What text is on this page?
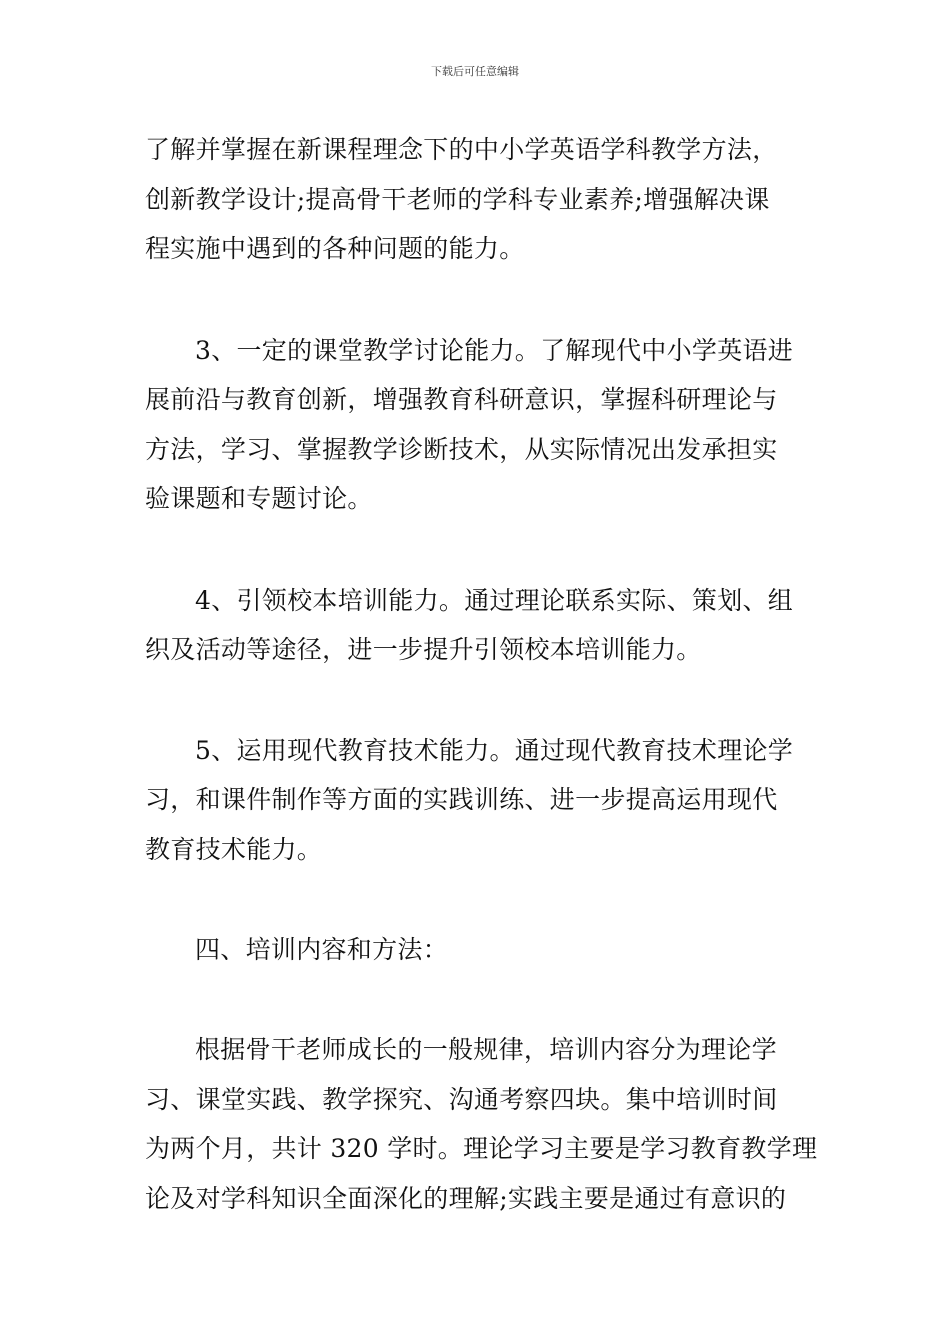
下载后可任意编辑
了解并掌握在新课程理念下的中小学英语学科教学方法，
创新教学设计;提高骨干老师的学科专业素养;增强解决课
程实施中遇到的各种问题的能力。
3、一定的课堂教学讨论能力。了解现代中小学英语进
展前沿与教育创新，增强教育科研意识，掌握科研理论与
方法，学习、掌握教学诊断技术，从实际情况出发承担实
验课题和专题讨论。
4、引领校本培训能力。通过理论联系实际、策划、组
织及活动等途径，进一步提升引领校本培训能力。
5、运用现代教育技术能力。通过现代教育技术理论学
习，和课件制作等方面的实践训练、进一步提高运用现代
教育技术能力。
四、培训内容和方法：
根据骨干老师成长的一般规律，培训内容分为理论学
习、课堂实践、教学探究、沟通考察四块。集中培训时间
为两个月，共计 320 学时。理论学习主要是学习教育教学理
论及对学科知识全面深化的理解;实践主要是通过有意识的
